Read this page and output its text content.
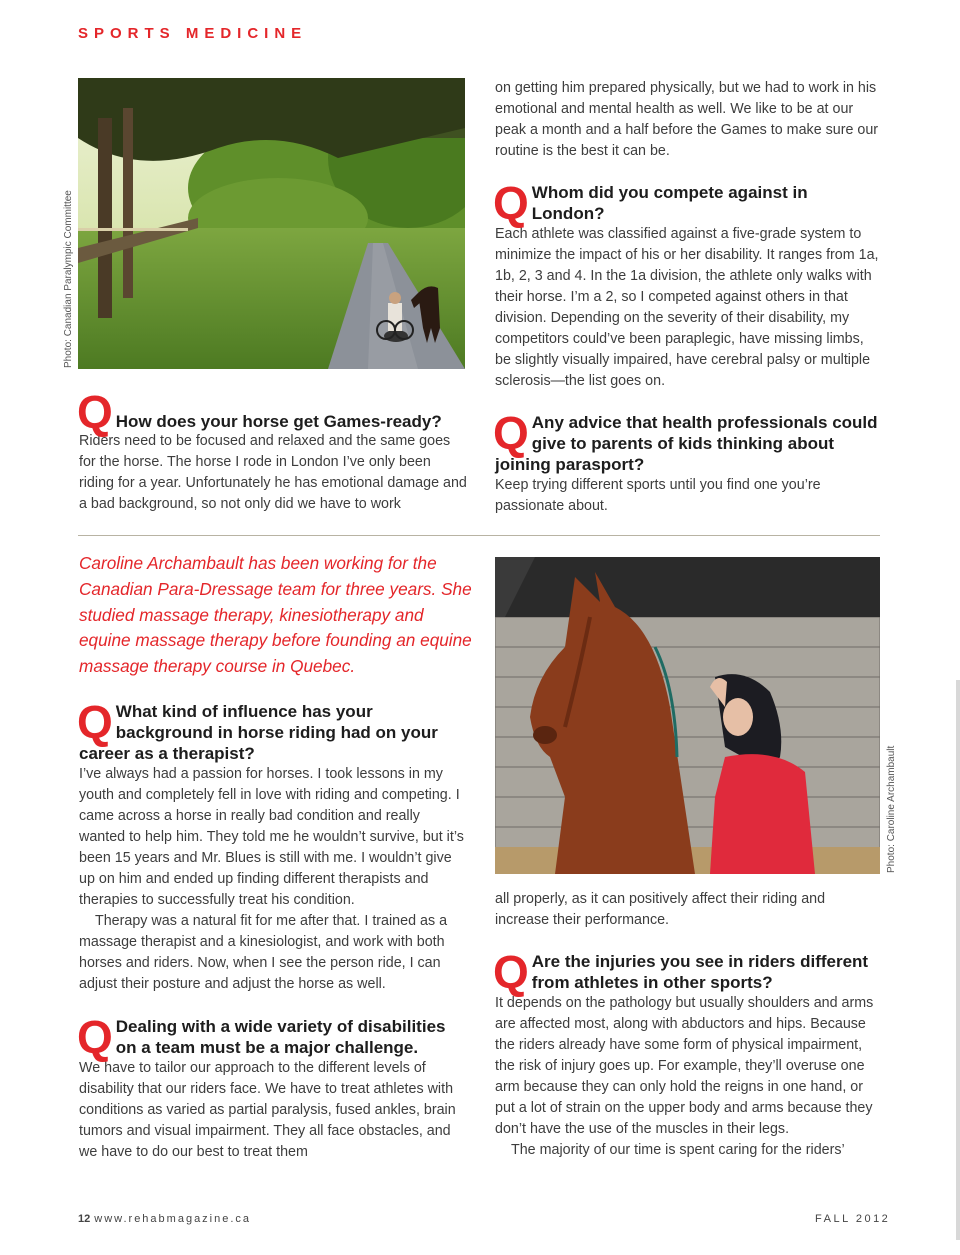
SPORTS MEDICINE
Photo: Canadian Paralympic Committee
Q How does your horse get Games-ready?

Riders need to be focused and relaxed and the same goes for the horse. The horse I rode in London I’ve only been riding for a year. Unfortunately he has emotional damage and a bad background, so not only did we have to work

on getting him prepared physically, but we had to work in his emotional and mental health as well. We like to be at our peak a month and a half before the Games to make sure our routine is the best it can be.

Q Whom did you compete against in London?

Each athlete was classified against a five-grade system to minimize the impact of his or her disability. It ranges from 1a, 1b, 2, 3 and 4. In the 1a division, the athlete only walks with their horse. I’m a 2, so I competed against others in that division. Depending on the severity of their disability, my competitors could’ve been paraplegic, have missing limbs, be slightly visually impaired, have cerebral palsy or multiple sclerosis—the list goes on.

Q Any advice that health professionals could give to parents of kids thinking about joining parasport?

Keep trying different sports until you find one you’re passionate about.

Caroline Archambault has been working for the Canadian Para-Dressage team for three years. She studied massage therapy, kinesiotherapy and equine massage therapy before founding an equine massage therapy course in Quebec.

Q What kind of influence has your background in horse riding had on your career as a therapist?

I’ve always had a passion for horses. I took lessons in my youth and completely fell in love with riding and competing. I came across a horse in really bad condition and really wanted to help him. They told me he wouldn’t survive, but it’s been 15 years and Mr. Blues is still with me. I wouldn’t give up on him and ended up finding different therapists and therapies to successfully treat his condition.

Therapy was a natural fit for me after that. I trained as a massage therapist and a kinesiologist, and work with both horses and riders. Now, when I see the person ride, I can adjust their posture and adjust the horse as well.

Q Dealing with a wide variety of disabilities on a team must be a major challenge.

We have to tailor our approach to the different levels of disability that our riders face. We have to treat athletes with conditions as varied as partial paralysis, fused ankles, brain tumors and visual impairment. They all face obstacles, and we have to do our best to treat them

Photo: Caroline Archambault

all properly, as it can positively affect their riding and increase their performance.

Q Are the injuries you see in riders different from athletes in other sports?

It depends on the pathology but usually shoulders and arms are affected most, along with abductors and hips. Because the riders already have some form of physical impairment, the risk of injury goes up. For example, they’ll overuse one arm because they can only hold the reigns in one hand, or put a lot of strain on the upper body and arms because they don’t have the use of the muscles in their legs.

The majority of our time is spent caring for the riders’

12 www.rehabmagazine.ca	FALL 2012
